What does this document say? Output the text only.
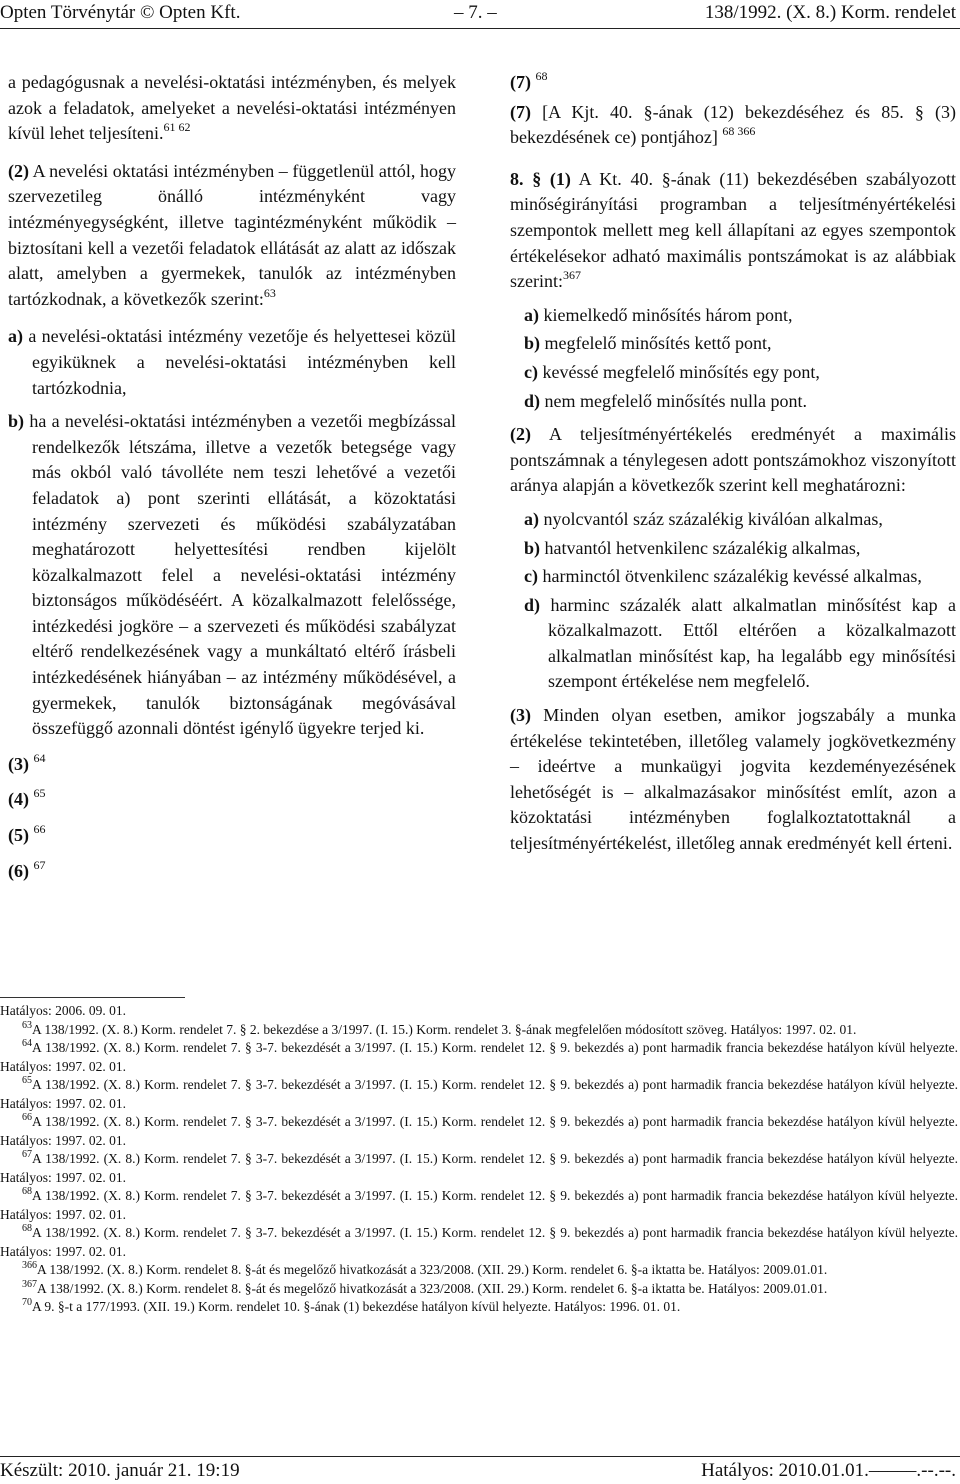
Opten Törvénytár © Opten Kft.	– 7. –	138/1992. (X. 8.) Korm. rendelet

a pedagógusnak a nevelési-oktatási intézményben, és melyek azok a feladatok, amelyeket a nevelési-oktatási intézményen kívül lehet teljesíteni.$^{61 62}$

(2) A nevelési oktatási intézményben – függetlenül attól, hogy szervezetileg önálló intézményként vagy intézményegységként, illetve tagintézményként működik – biztosítani kell a vezetői feladatok ellátását az alatt az időszak alatt, amelyben a gyermekek, tanulók az intézményben tartózkodnak, a következők szerint:$^{63}$

a) a nevelési-oktatási intézmény vezetője és helyettesei közül egyiküknek a nevelési-oktatási intézményben kell tartózkodnia,

b) ha a nevelési-oktatási intézményben a vezetői megbízással rendelkezők létszáma, illetve a vezetők betegsége vagy más okból való távolléte nem teszi lehetővé a vezetői feladatok a) pont szerinti ellátását, a közoktatási intézmény szervezeti és működési szabályzatában meghatározott helyettesítési rendben kijelölt közalkalmazott felel a nevelési-oktatási intézmény biztonságos működéséért. A közalkalmazott felelőssége, intézkedési jogköre – a szervezeti és működési szabályzat eltérő rendelkezésének vagy a munkáltató eltérő írásbeli intézkedésének hiányában – az intézmény működésével, a gyermekek, tanulók biztonságának megóvásával összefüggő azonnali döntést igénylő ügyekre terjed ki.

(3) $^{64}$

(4) $^{65}$

(5) $^{66}$

(6) $^{67}$

(7) $^{68}$

(7) [A Kjt. 40. §-ának (12) bekezdéséhez és 85. § (3) bekezdésének ce) pontjához] $^{68 366}$

8. § (1) A Kt. 40. §-ának (11) bekezdésében szabályozott minőségirányítási programban a teljesítményértékelési szempontok mellett meg kell állapítani az egyes szempontok értékelésekor adható maximális pontszámokat is az alábbiak szerint:$^{367}$

a) kiemelkedő minősítés három pont,

b) megfelelő minősítés kettő pont,

c) kevéssé megfelelő minősítés egy pont,

d) nem megfelelő minősítés nulla pont.

(2) A teljesítményértékelés eredményét a maximális pontszámnak a ténylegesen adott pontszámokhoz viszonyított aránya alapján a következők szerint kell meghatározni:

a) nyolcvantól száz százalékig kiválóan alkalmas,

b) hatvantól hetvenkilenc százalékig alkalmas,

c) harminctól ötvenkilenc százalékig kevéssé alkalmas,

d) harminc százalék alatt alkalmatlan minősítést kap a közalkalmazott. Ettől eltérően a közalkalmazott alkalmatlan minősítést kap, ha legalább egy minősítési szempont értékelése nem megfelelő.

(3) Minden olyan esetben, amikor jogszabály a munka értékelése tekintetében, illetőleg valamely jogkövetkezmény – ideértve a munkaügyi jogvita kezdeményezésének lehetőségét is – alkalmazásakor minősítést említ, azon a közoktatási intézményben foglalkoztatottaknál a teljesítményértékelést, illetőleg annak eredményét kell érteni.

Hatályos: 2006. 09. 01.

$^{63}$A 138/1992. (X. 8.) Korm. rendelet 7. § 2. bekezdése a 3/1997. (I. 15.) Korm. rendelet 3. §-ának megfelelően módosított szöveg. Hatályos: 1997. 02. 01.

$^{64}$A 138/1992. (X. 8.) Korm. rendelet 7. § 3-7. bekezdését a 3/1997. (I. 15.) Korm. rendelet 12. § 9. bekezdés a) pont harmadik francia bekezdése hatályon kívül helyezte. Hatályos: 1997. 02. 01.

$^{65}$A 138/1992. (X. 8.) Korm. rendelet 7. § 3-7. bekezdését a 3/1997. (I. 15.) Korm. rendelet 12. § 9. bekezdés a) pont harmadik francia bekezdése hatályon kívül helyezte. Hatályos: 1997. 02. 01.

$^{66}$A 138/1992. (X. 8.) Korm. rendelet 7. § 3-7. bekezdését a 3/1997. (I. 15.) Korm. rendelet 12. § 9. bekezdés a) pont harmadik francia bekezdése hatályon kívül helyezte. Hatályos: 1997. 02. 01.

$^{67}$A 138/1992. (X. 8.) Korm. rendelet 7. § 3-7. bekezdését a 3/1997. (I. 15.) Korm. rendelet 12. § 9. bekezdés a) pont harmadik francia bekezdése hatályon kívül helyezte. Hatályos: 1997. 02. 01.

$^{68}$A 138/1992. (X. 8.) Korm. rendelet 7. § 3-7. bekezdését a 3/1997. (I. 15.) Korm. rendelet 12. § 9. bekezdés a) pont harmadik francia bekezdése hatályon kívül helyezte. Hatályos: 1997. 02. 01.

$^{68}$A 138/1992. (X. 8.) Korm. rendelet 7. § 3-7. bekezdését a 3/1997. (I. 15.) Korm. rendelet 12. § 9. bekezdés a) pont harmadik francia bekezdése hatályon kívül helyezte. Hatályos: 1997. 02. 01.

$^{366}$A 138/1992. (X. 8.) Korm. rendelet 8. §-át és megelőző hivatkozását a 323/2008. (XII. 29.) Korm. rendelet 6. §-a iktatta be. Hatályos: 2009.01.01.

$^{367}$A 138/1992. (X. 8.) Korm. rendelet 8. §-át és megelőző hivatkozását a 323/2008. (XII. 29.) Korm. rendelet 6. §-a iktatta be. Hatályos: 2009.01.01.

$^{70}$A 9. §-t a 177/1993. (XII. 19.) Korm. rendelet 10. §-ának (1) bekezdése hatályon kívül helyezte. Hatályos: 1996. 01. 01.

Készült: 2010. január 21. 19:19	Hatályos: 2010.01.01.–––––.--.--.
